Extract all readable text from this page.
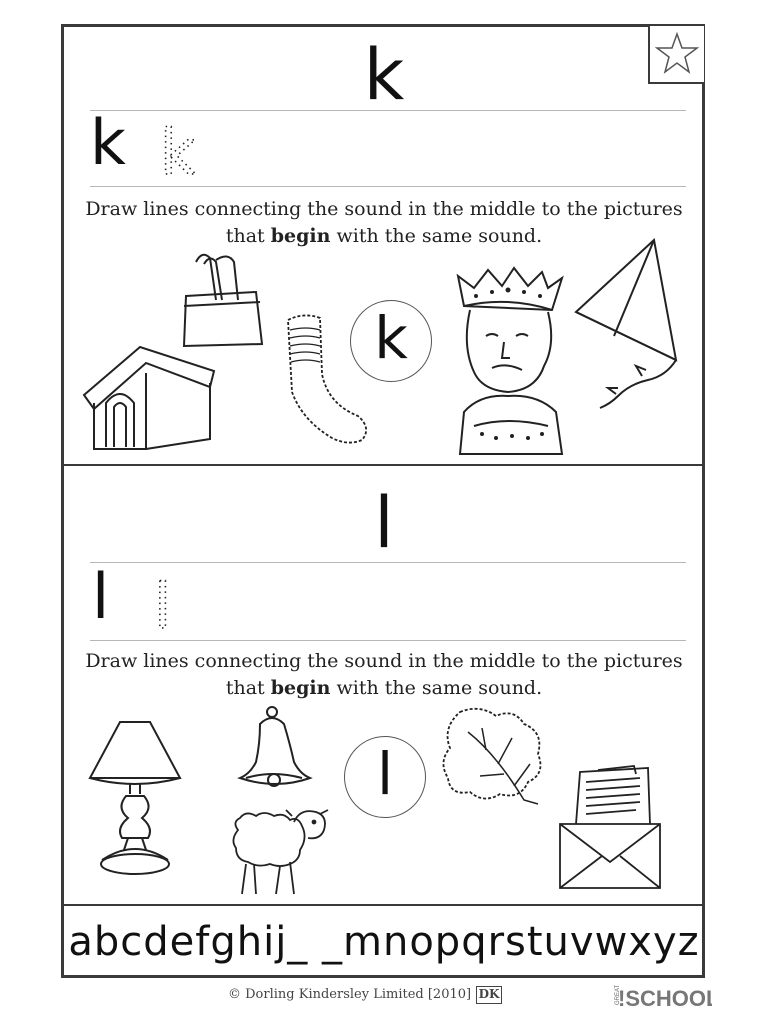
k
k k
Draw lines connecting the sound in the middle to the pictures that begin with the same sound.
k
l
l l
Draw lines connecting the sound in the middle to the pictures that begin with the same sound.
l
abcdefghij_ _mnopqrstuvwxyz
© Dorling Kindersley Limited [2010] DK	GREAT
!SCHOO
